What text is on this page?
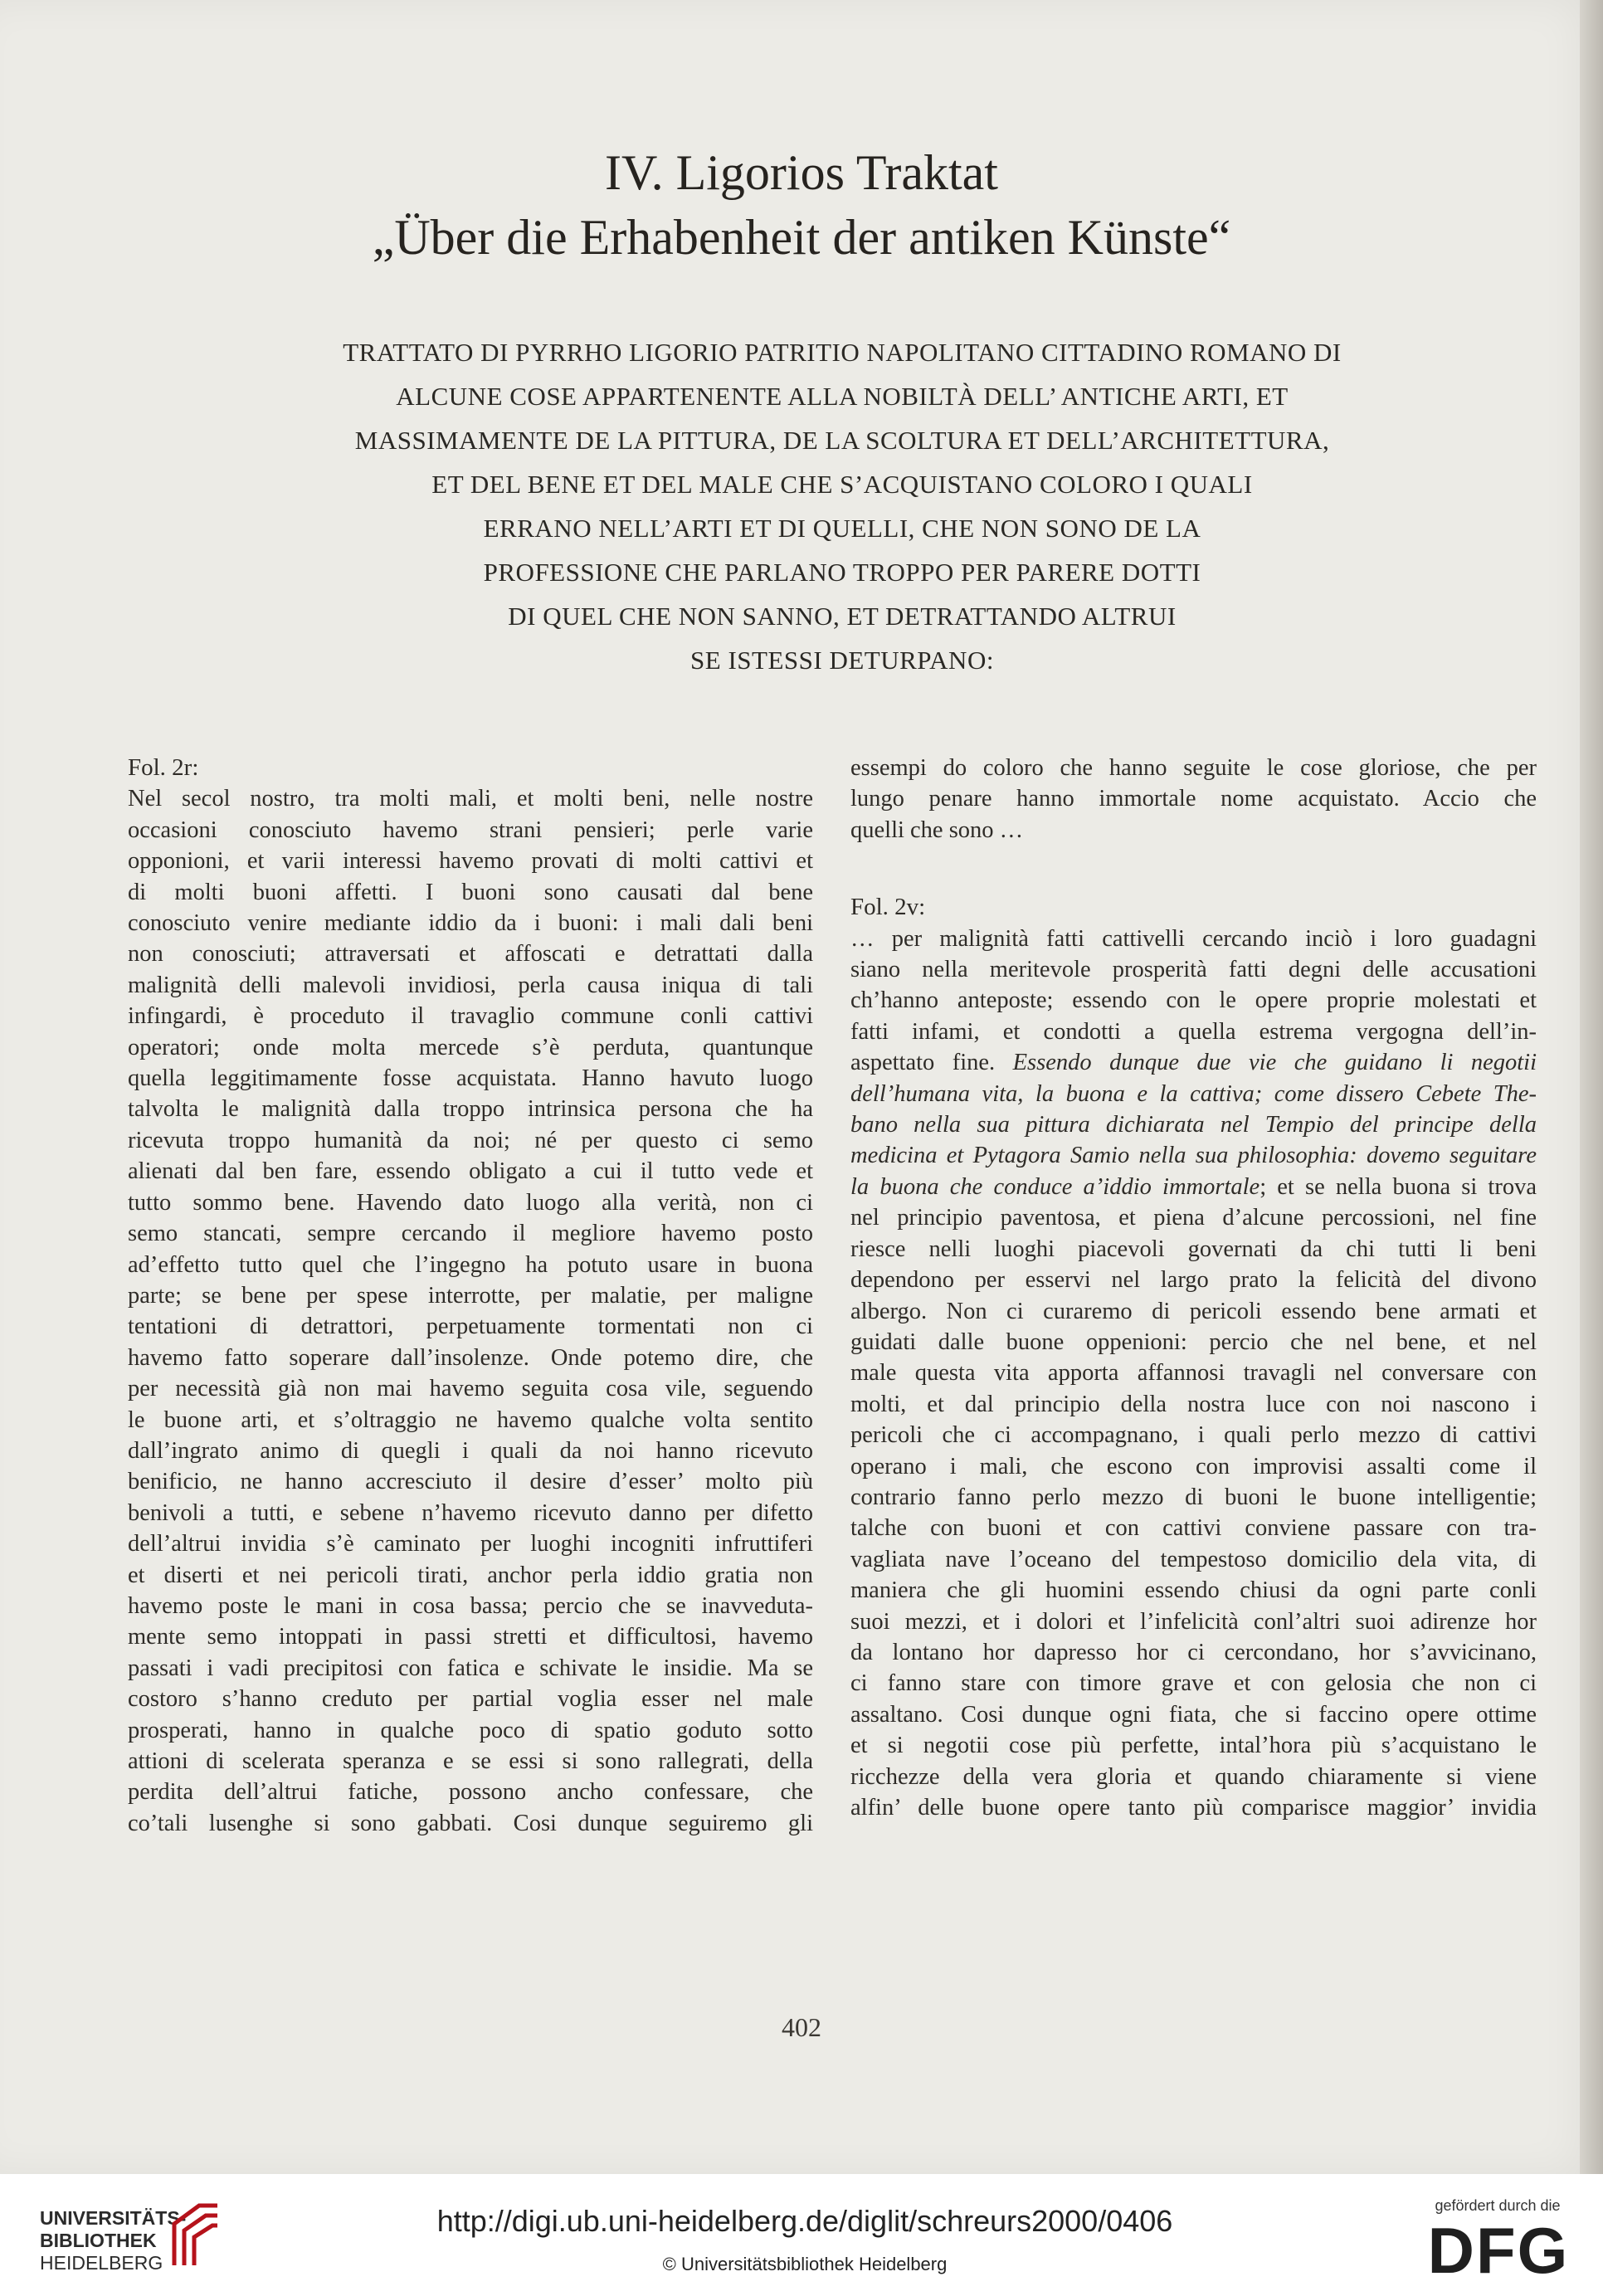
IV. Ligorios Traktat
„Über die Erhabenheit der antiken Künste“
TRATTATO DI PYRRHO LIGORIO PATRITIO NAPOLITANO CITTADINO ROMANO DI
ALCUNE COSE APPARTENENTE ALLA NOBILTÀ DELL’ ANTICHE ARTI, ET
MASSIMAMENTE DE LA PITTURA, DE LA SCOLTURA ET DELL’ARCHITETTURA,
ET DEL BENE ET DEL MALE CHE S’ACQUISTANO COLORO I QUALI
ERRANO NELL’ARTI ET DI QUELLI, CHE NON SONO DE LA
PROFESSIONE CHE PARLANO TROPPO PER PARERE DOTTI
DI QUEL CHE NON SANNO, ET DETRATTANDO ALTRUI
SE ISTESSI DETURPANO:
Fol. 2r:
Nel secol nostro, tra molti mali, et molti beni, nelle nostre
occasioni conosciuto havemo strani pensieri; perle varie
opponioni, et varii interessi havemo provati di molti cattivi et
di molti buoni affetti. I buoni sono causati dal bene
conosciuto venire mediante iddio da i buoni: i mali dali beni
non conosciuti; attraversati et affoscati e detrattati dalla
malignità delli malevoli invidiosi, perla causa iniqua di tali
infingardi, è proceduto il travaglio commune conli cattivi
operatori; onde molta mercede s’è perduta, quantunque
quella leggitimamente fosse acquistata. Hanno havuto luogo
talvolta le malignità dalla troppo intrinsica persona che ha
ricevuta troppo humanità da noi; né per questo ci semo
alienati dal ben fare, essendo obligato a cui il tutto vede et
tutto sommo bene. Havendo dato luogo alla verità, non ci
semo stancati, sempre cercando il megliore havemo posto
ad’effetto tutto quel che l’ingegno ha potuto usare in buona
parte; se bene per spese interrotte, per malatie, per maligne
tentationi di detrattori, perpetuamente tormentati non ci
havemo fatto soperare dall’insolenze. Onde potemo dire, che
per necessità già non mai havemo seguita cosa vile, seguendo
le buone arti, et s’oltraggio ne havemo qualche volta sentito
dall’ingrato animo di quegli i quali da noi hanno ricevuto
benificio, ne hanno accresciuto il desire d’esser’ molto più
benivoli a tutti, e sebene n’havemo ricevuto danno per difetto
dell’altrui invidia s’è caminato per luoghi incogniti infruttiferi
et diserti et nei pericoli tirati, anchor perla iddio gratia non
havemo poste le mani in cosa bassa; percio che se inavveduta-
mente semo intoppati in passi stretti et difficultosi, havemo
passati i vadi precipitosi con fatica e schivate le insidie. Ma se
costoro s’hanno creduto per partial voglia esser nel male
prosperati, hanno in qualche poco di spatio goduto sotto
attioni di scelerata speranza e se essi si sono rallegrati, della
perdita dell’altrui fatiche, possono ancho confessare, che
co’tali lusenghe si sono gabbati. Cosi dunque seguiremo gli
essempi do coloro che hanno seguite le cose gloriose, che per
lungo penare hanno immortale nome acquistato. Accio che
quelli che sono …
Fol. 2v:
… per malignità fatti cattivelli cercando inciò i loro guadagni
siano nella meritevole prosperità fatti degni delle accusationi
ch’hanno anteposte; essendo con le opere proprie molestati et
fatti infami, et condotti a quella estrema vergogna dell’in-
aspettato fine. Essendo dunque due vie che guidano li negotii
dell’humana vita, la buona e la cattiva; come dissero Cebete The-
bano nella sua pittura dichiarata nel Tempio del principe della
medicina et Pytagora Samio nella sua philosophia: dovemo seguitare
la buona che conduce a’iddio immortale; et se nella buona si trova
nel principio paventosa, et piena d’alcune percossioni, nel fine
riesce nelli luoghi piacevoli governati da chi tutti li beni
dependono per esservi nel largo prato la felicità del divono
albergo. Non ci curaremo di pericoli essendo bene armati et
guidati dalle buone oppenioni: percio che nel bene, et nel
male questa vita apporta affannosi travagli nel conversare con
molti, et dal principio della nostra luce con noi nascono i
pericoli che ci accompagnano, i quali perlo mezzo di cattivi
operano i mali, che escono con improvisi assalti come il
contrario fanno perlo mezzo di buoni le buone intelligentie;
talche con buoni et con cattivi conviene passare con tra-
vagliata nave l’oceano del tempestoso domicilio dela vita, di
maniera che gli huomini essendo chiusi da ogni parte conli
suoi mezzi, et i dolori et l’infelicità conl’altri suoi adirenze hor
da lontano hor dapresso hor ci cercondano, hor s’avvicinano,
ci fanno stare con timore grave et con gelosia che non ci
assaltano. Cosi dunque ogni fiata, che si faccino opere ottime
et si negotii cose più perfette, intal’hora più s’acquistano le
ricchezze della vera gloria et quando chiaramente si viene
alfin’ delle buone opere tanto più comparisce maggior’ invidia
402
UNIVERSITÄTS-
BIBLIOTHEK
HEIDELBERG
http://digi.ub.uni-heidelberg.de/diglit/schreurs2000/0406
© Universitätsbibliothek Heidelberg
gefördert durch die
DFG
